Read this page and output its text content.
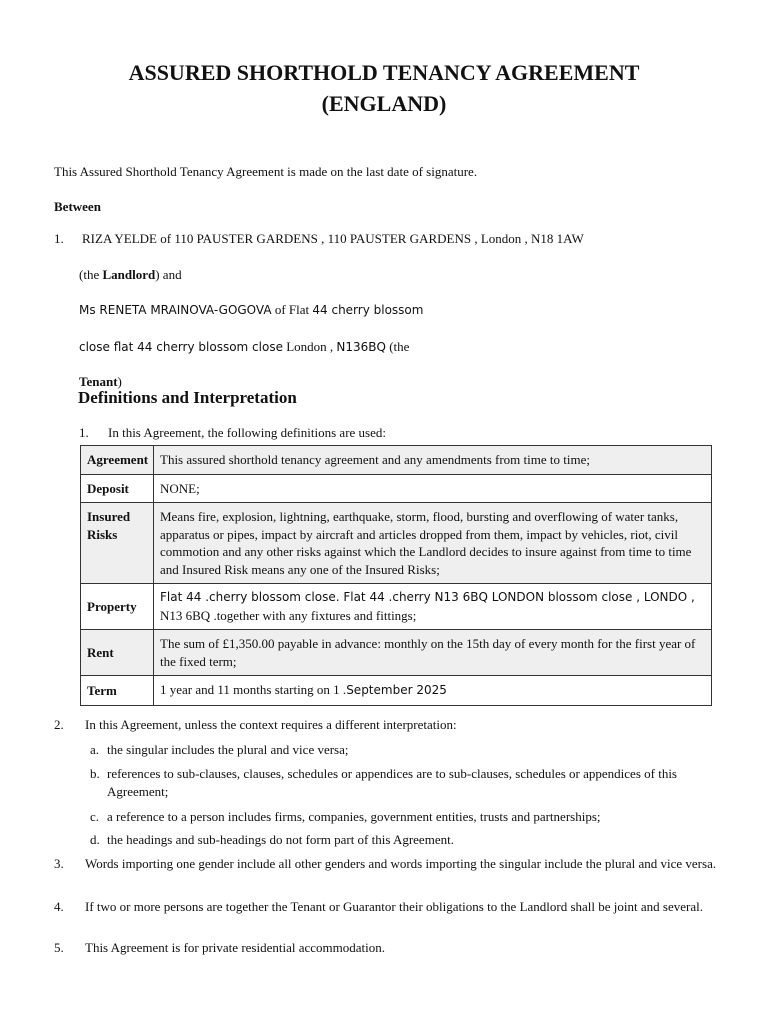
ASSURED SHORTHOLD TENANCY AGREEMENT
(ENGLAND)
This Assured Shorthold Tenancy Agreement is made on the last date of signature.
Between
1. RIZA YELDE of 110 PAUSTER GARDENS , 110 PAUSTER GARDENS , London , N18 1AW
(the Landlord) and
Ms RENETA MRAINOVA-GOGOVA of Flat 44 cherry blossom
close flat 44 cherry blossom close London , N136BQ (the
Tenant)
Definitions and Interpretation
1. In this Agreement, the following definitions are used:
Agreement	This assured shorthold tenancy agreement and any amendments from time to time;
Deposit	NONE;
Insured Risks	Means fire, explosion, lightning, earthquake, storm, flood, bursting and overflowing of water tanks, apparatus or pipes, impact by aircraft and articles dropped from them, impact by vehicles, riot, civil commotion and any other risks against which the Landlord decides to insure against from time to time and Insured Risk means any one of the Insured Risks;
Property	Flat 44 .cherry blossom close. Flat 44 .cherry N13 6BQ LONDON blossom close , LONDO ,
N13 6BQ .together with any fixtures and fittings;

Rent	The sum of £1,350.00 payable in advance: monthly on the 15th day of every month for the first year of the fixed term;
Term	1 year and 11 months starting on 1 .September 2025
2. In this Agreement, unless the context requires a different interpretation:
a. the singular includes the plural and vice versa;
b. references to sub-clauses, clauses, schedules or appendices are to sub-clauses, schedules or appendices of this Agreement;
c. a reference to a person includes firms, companies, government entities, trusts and partnerships;
d. the headings and sub-headings do not form part of this Agreement.
3.	Words importing one gender include all other genders and words importing the singular include the plural and vice versa.
4.	If two or more persons are together the Tenant or Guarantor their obligations to the Landlord shall be joint and several.
5. This Agreement is for private residential accommodation.
